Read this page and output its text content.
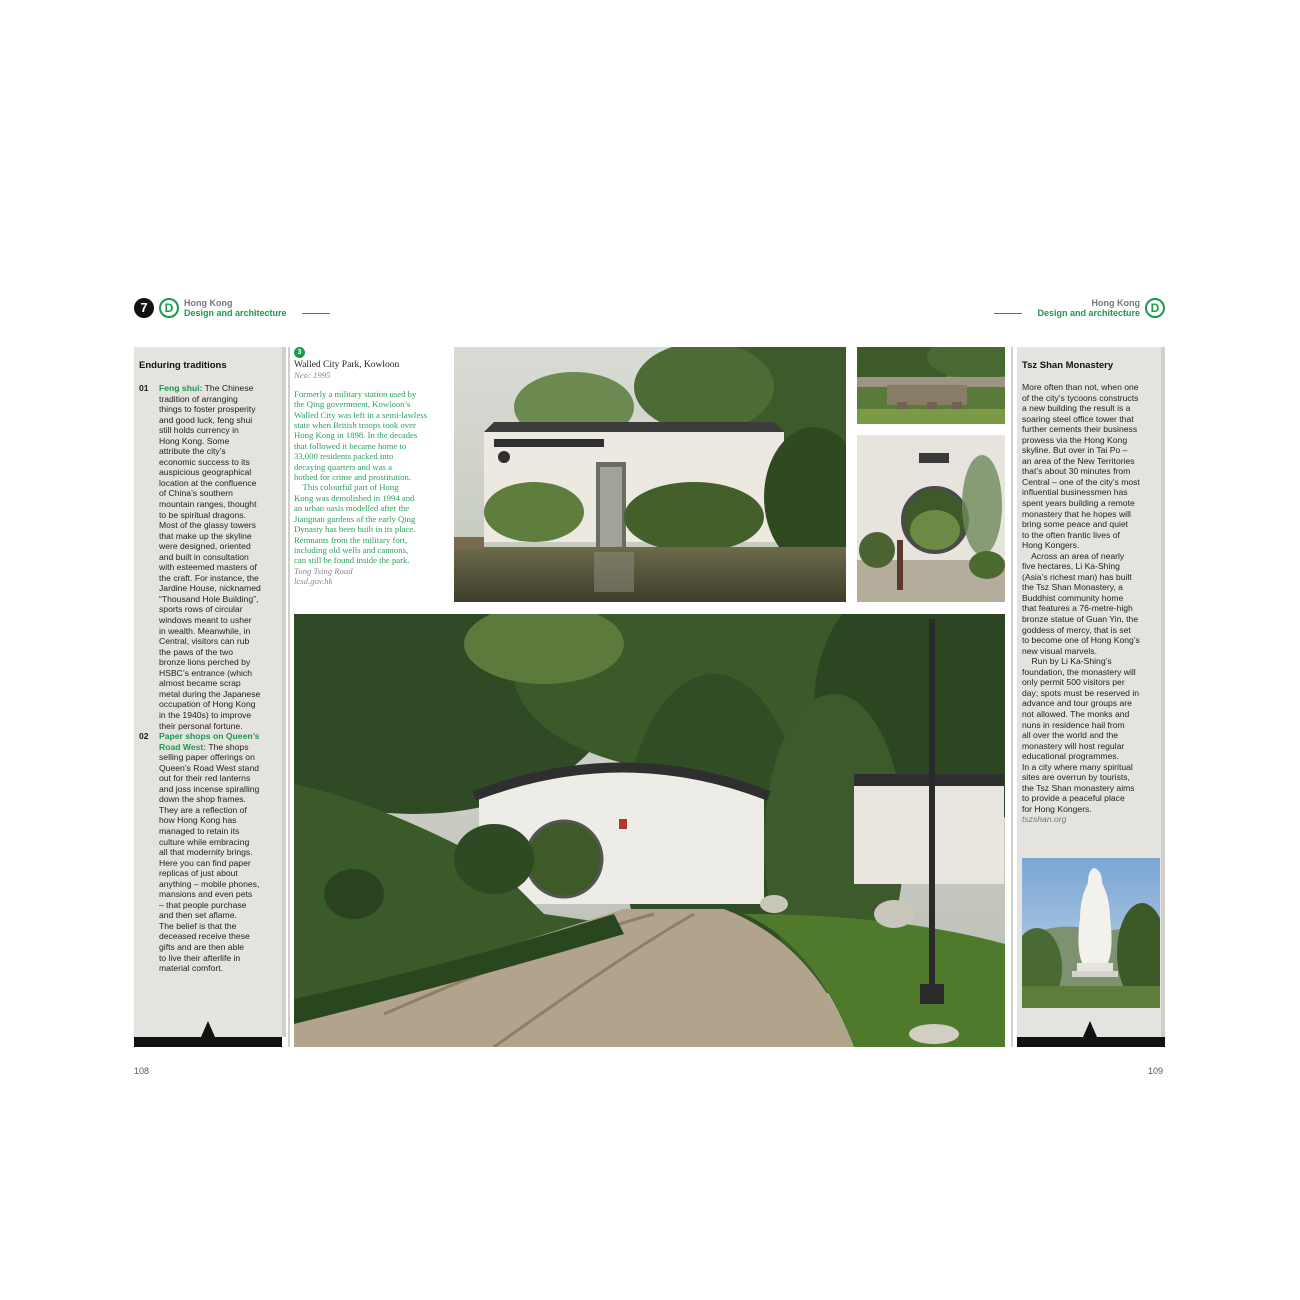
7	D	Hong Kong
Design and architecture
Hong Kong
Design and architecture D
Enduring traditions
01	Feng shui: The Chinese
tradition of arranging
things to foster prosperity
and good luck, feng shui
still holds currency in
Hong Kong. Some
attribute the city’s
economic success to its
auspicious geographical
location at the confluence
of China’s southern
mountain ranges, thought
to be spiritual dragons.
Most of the glassy towers
that make up the skyline
were designed, oriented
and built in consultation
with esteemed masters of
the craft. For instance, the
Jardine House, nicknamed
“Thousand Hole Building”,
sports rows of circular
windows meant to usher
in wealth. Meanwhile, in
Central, visitors can rub
the paws of the two
bronze lions perched by
HSBC’s entrance (which
almost became scrap
metal during the Japanese
occupation of Hong Kong
in the 1940s) to improve
their personal fortune.
02	Paper shops on Queen’s
Road West: The shops
selling paper offerings on
Queen’s Road West stand
out for their red lanterns
and joss incense spiralling
down the shop frames.
They are a reflection of
how Hong Kong has
managed to retain its
culture while embracing
all that modernity brings.
Here you can find paper
replicas of just about
anything – mobile phones,
mansions and even pets
– that people purchase
and then set aflame.
The belief is that the
deceased receive these
gifts and are then able
to live their afterlife in
material comfort.
3
Walled City Park, Kowloon
Neo: 1995
Formerly a military station used by
the Qing government, Kowloon’s
Walled City was left in a semi-lawless
state when British troops took over
Hong Kong in 1898. In the decades
that followed it became home to
33,000 residents packed into
decaying quarters and was a
hotbed for crime and prostitution.
This colourful part of Hong
Kong was demolished in 1994 and
an urban oasis modelled after the
Jiangnan gardens of the early Qing
Dynasty has been built in its place.
Remnants from the military fort,
including old wells and cannons,
can still be found inside the park.
Tung Tsing Road
lcsd.gov.hk
Tsz Shan Monastery
More often than not, when one
of the city’s tycoons constructs
a new building the result is a
soaring steel office tower that
further cements their business
prowess via the Hong Kong
skyline. But over in Tai Po –
an area of the New Territories
that’s about 30 minutes from
Central – one of the city’s most
influential businessmen has
spent years building a remote
monastery that he hopes will
bring some peace and quiet
to the often frantic lives of
Hong Kongers.
Across an area of nearly
five hectares, Li Ka-Shing
(Asia’s richest man) has built
the Tsz Shan Monastery, a
Buddhist community home
that features a 76-metre-high
bronze statue of Guan Yin, the
goddess of mercy, that is set
to become one of Hong Kong’s
new visual marvels.
Run by Li Ka-Shing’s
foundation, the monastery will
only permit 500 visitors per
day; spots must be reserved in
advance and tour groups are
not allowed. The monks and
nuns in residence hail from
all over the world and the
monastery will host regular
educational programmes.
In a city where many spiritual
sites are overrun by tourists,
the Tsz Shan monastery aims
to provide a peaceful place
for Hong Kongers.
tszshan.org
108	109
